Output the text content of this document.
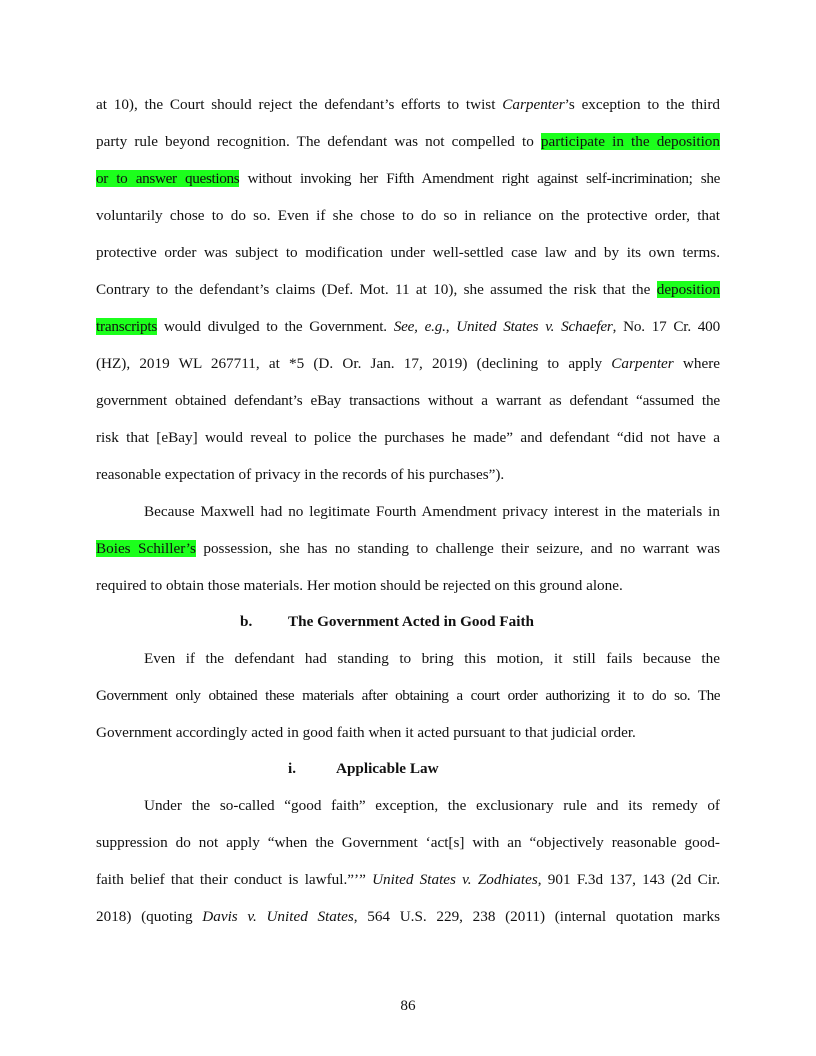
at 10), the Court should reject the defendant’s efforts to twist Carpenter’s exception to the third
party rule beyond recognition. The defendant was not compelled to participate in the deposition
or to answer questions without invoking her Fifth Amendment right against self-incrimination; she
voluntarily chose to do so. Even if she chose to do so in reliance on the protective order, that
protective order was subject to modification under well-settled case law and by its own terms.
Contrary to the defendant’s claims (Def. Mot. 11 at 10), she assumed the risk that the deposition
transcripts would divulged to the Government. See, e.g., United States v. Schaefer, No. 17 Cr. 400
(HZ), 2019 WL 267711, at *5 (D. Or. Jan. 17, 2019) (declining to apply Carpenter where
government obtained defendant’s eBay transactions without a warrant as defendant “assumed the
risk that [eBay] would reveal to police the purchases he made” and defendant “did not have a
reasonable expectation of privacy in the records of his purchases”).
Because Maxwell had no legitimate Fourth Amendment privacy interest in the materials in
Boies Schiller’s possession, she has no standing to challenge their seizure, and no warrant was
required to obtain those materials. Her motion should be rejected on this ground alone.
b. The Government Acted in Good Faith
Even if the defendant had standing to bring this motion, it still fails because the
Government only obtained these materials after obtaining a court order authorizing it to do so. The
Government accordingly acted in good faith when it acted pursuant to that judicial order.
i.	Applicable Law
Under the so-called “good faith” exception, the exclusionary rule and its remedy of
suppression do not apply “when the Government ‘act[s] with an “objectively reasonable good-
faith belief that their conduct is lawful.”’” United States v. Zodhiates, 901 F.3d 137, 143 (2d Cir.
2018) (quoting Davis v. United States, 564 U.S. 229, 238 (2011) (internal quotation marks
86
